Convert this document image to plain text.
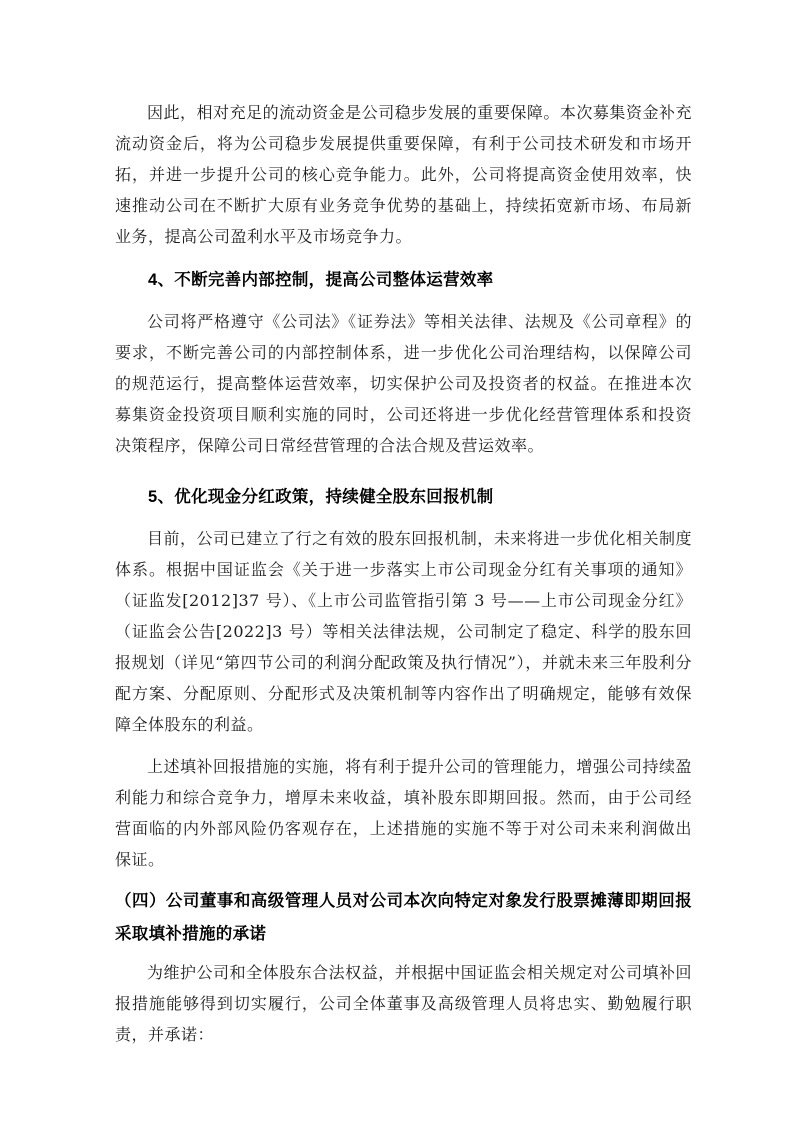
因此，相对充足的流动资金是公司稳步发展的重要保障。本次募集资金补充流动资金后，将为公司稳步发展提供重要保障，有利于公司技术研发和市场开拓，并进一步提升公司的核心竞争能力。此外，公司将提高资金使用效率，快速推动公司在不断扩大原有业务竞争优势的基础上，持续拓宽新市场、布局新业务，提高公司盈利水平及市场竞争力。

4、不断完善内部控制，提高公司整体运营效率

公司将严格遵守《公司法》《证券法》等相关法律、法规及《公司章程》的要求，不断完善公司的内部控制体系，进一步优化公司治理结构，以保障公司的规范运行，提高整体运营效率，切实保护公司及投资者的权益。在推进本次募集资金投资项目顺利实施的同时，公司还将进一步优化经营管理体系和投资决策程序，保障公司日常经营管理的合法合规及营运效率。

5、优化现金分红政策，持续健全股东回报机制

目前，公司已建立了行之有效的股东回报机制，未来将进一步优化相关制度体系。根据中国证监会《关于进一步落实上市公司现金分红有关事项的通知》（证监发[2012]37 号）、《上市公司监管指引第 3 号——上市公司现金分红》（证监会公告[2022]3 号）等相关法律法规，公司制定了稳定、科学的股东回报规划（详见“第四节公司的利润分配政策及执行情况”），并就未来三年股利分配方案、分配原则、分配形式及决策机制等内容作出了明确规定，能够有效保障全体股东的利益。

上述填补回报措施的实施，将有利于提升公司的管理能力，增强公司持续盈利能力和综合竞争力，增厚未来收益，填补股东即期回报。然而，由于公司经营面临的内外部风险仍客观存在，上述措施的实施不等于对公司未来利润做出保证。

（四）公司董事和高级管理人员对公司本次向特定对象发行股票摊薄即期回报采取填补措施的承诺

为维护公司和全体股东合法权益，并根据中国证监会相关规定对公司填补回报措施能够得到切实履行，公司全体董事及高级管理人员将忠实、勤勉履行职责，并承诺：
